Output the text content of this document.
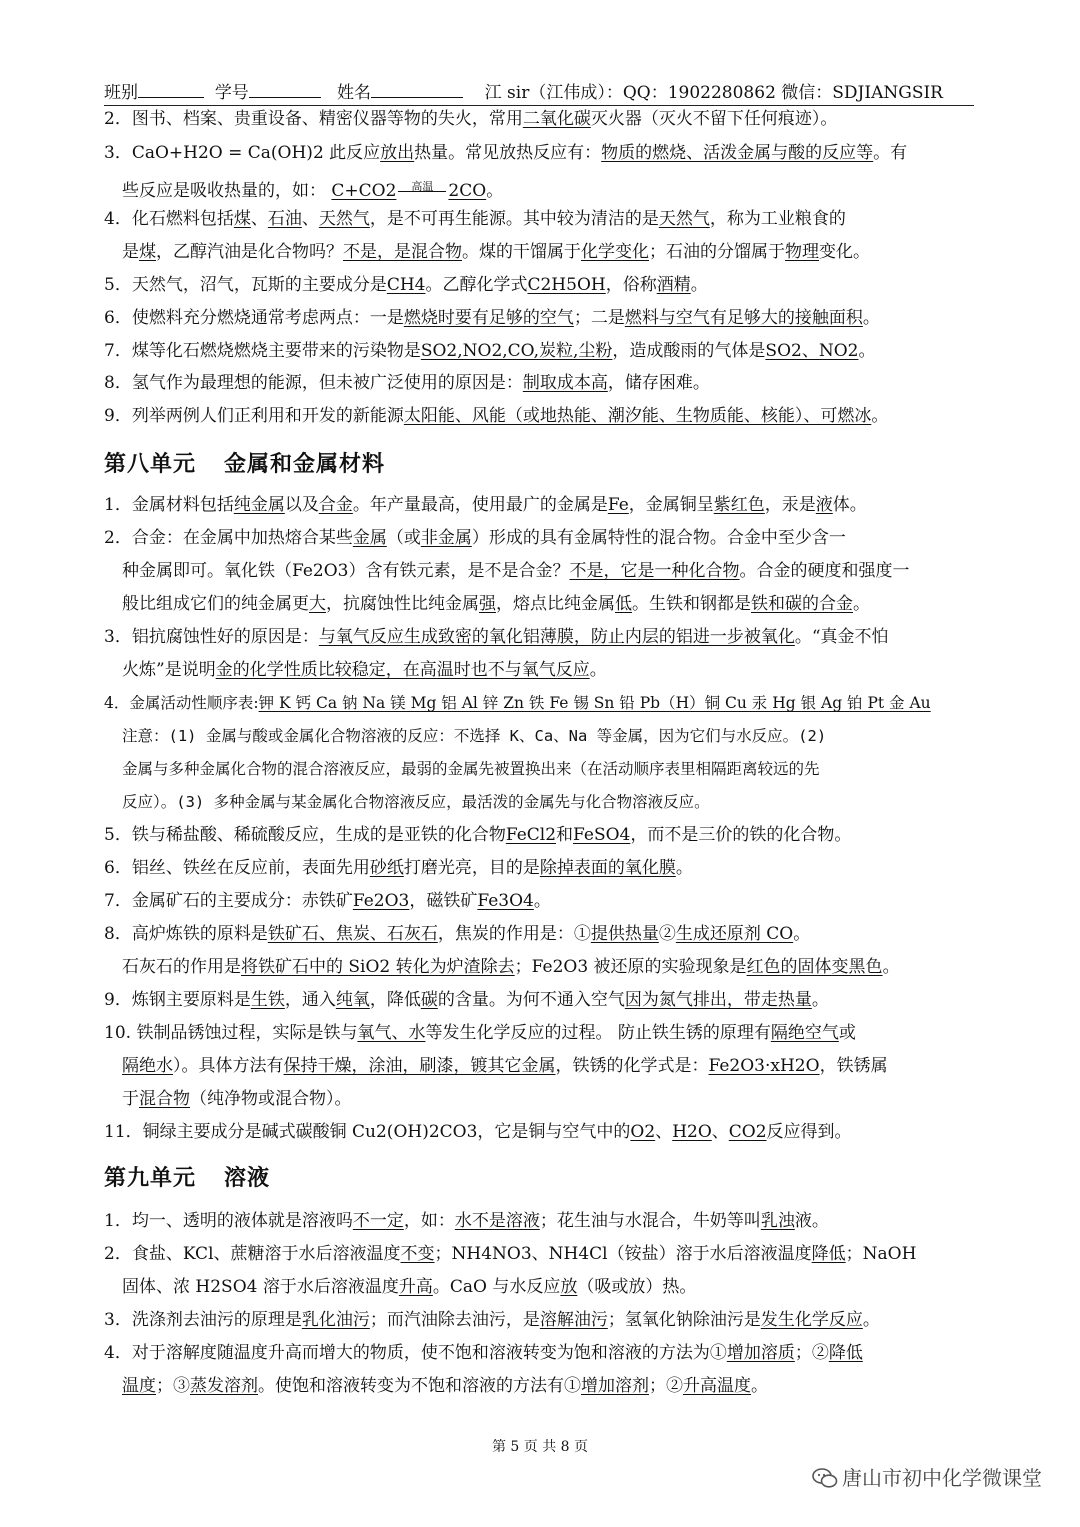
班别	学号	姓名	江 sir（江伟成）：QQ：1902280862 微信：SDJIANGSIR
2．图书、档案、贵重设备、精密仪器等物的失火，常用二氧化碳灭火器（灭火不留下任何痕迹）。
3．CaO+H2O = Ca(OH)2 此反应放出热量。常见放热反应有：物质的燃烧、活泼金属与酸的反应等。有
些反应是吸收热量的，如： C+CO2 高温 2CO。
4．化石燃料包括煤、石油、天然气，是不可再生能源。其中较为清洁的是天然气，称为工业粮食的
是煤，乙醇汽油是化合物吗？不是，是混合物。煤的干馏属于化学变化；石油的分馏属于物理变化。
5．天然气，沼气，瓦斯的主要成分是CH4。乙醇化学式C2H5OH，俗称酒精。
6．使燃料充分燃烧通常考虑两点：一是燃烧时要有足够的空气；二是燃料与空气有足够大的接触面积。
7．煤等化石燃烧燃烧主要带来的污染物是SO2,NO2,CO,炭粒,尘粉，造成酸雨的气体是SO2、NO2。
8．氢气作为最理想的能源，但未被广泛使用的原因是：制取成本高，储存困难。
9．列举两例人们正利用和开发的新能源太阳能、风能（或地热能、潮汐能、生物质能、核能）、可燃冰。
第八单元 金属和金属材料
1．金属材料包括纯金属以及合金。年产量最高，使用最广的金属是Fe，金属铜呈紫红色，汞是液体。
2．合金：在金属中加热熔合某些金属（或非金属）形成的具有金属特性的混合物。合金中至少含一
种金属即可。氧化铁（Fe2O3）含有铁元素，是不是合金？不是，它是一种化合物。合金的硬度和强度一
般比组成它们的纯金属更大，抗腐蚀性比纯金属强，熔点比纯金属低。生铁和钢都是铁和碳的合金。
3．铝抗腐蚀性好的原因是：与氧气反应生成致密的氧化铝薄膜，防止内层的铝进一步被氧化。“真金不怕
火炼”是说明金的化学性质比较稳定，在高温时也不与氧气反应。
4．金属活动性顺序表:钾 K 钙 Ca 钠 Na 镁 Mg 铝 Al 锌 Zn 铁 Fe 锡 Sn 铅 Pb（H）铜 Cu 汞 Hg 银 Ag 铂 Pt 金 Au
注意：(1) 金属与酸或金属化合物溶液的反应：不选择 K、Ca、Na 等金属，因为它们与水反应。(2)
金属与多种金属化合物的混合溶液反应，最弱的金属先被置换出来（在活动顺序表里相隔距离较远的先
反应）。(3) 多种金属与某金属化合物溶液反应，最活泼的金属先与化合物溶液反应。
5．铁与稀盐酸、稀硫酸反应，生成的是亚铁的化合物FeCl2和FeSO4，而不是三价的铁的化合物。
6．铝丝、铁丝在反应前，表面先用砂纸打磨光亮，目的是除掉表面的氧化膜。
7．金属矿石的主要成分：赤铁矿Fe2O3，磁铁矿Fe3O4。
8．高炉炼铁的原料是铁矿石、焦炭、石灰石，焦炭的作用是：①提供热量②生成还原剂 CO。
石灰石的作用是将铁矿石中的 SiO2 转化为炉渣除去；Fe2O3 被还原的实验现象是红色的固体变黑色。
9．炼钢主要原料是生铁，通入纯氧，降低碳的含量。为何不通入空气因为氮气排出，带走热量。
10. 铁制品锈蚀过程，实际是铁与氧气、水等发生化学反应的过程。 防止铁生锈的原理有隔绝空气或
隔绝水）。具体方法有保持干燥，涂油，刷漆，镀其它金属，铁锈的化学式是：Fe2O3·xH2O，铁锈属
于混合物（纯净物或混合物）。
11．铜绿主要成分是碱式碳酸铜 Cu2(OH)2CO3，它是铜与空气中的O2、H2O、CO2反应得到。
第九单元 溶液
1．均一、透明的液体就是溶液吗不一定，如：水不是溶液；花生油与水混合，牛奶等叫乳浊液。
2．食盐、KCl、蔗糖溶于水后溶液温度不变；NH4NO3、NH4Cl（铵盐）溶于水后溶液温度降低；NaOH
固体、浓 H2SO4 溶于水后溶液温度升高。CaO 与水反应放（吸或放）热。
3．洗涤剂去油污的原理是乳化油污；而汽油除去油污，是溶解油污；氢氧化钠除油污是发生化学反应。
4．对于溶解度随温度升高而增大的物质，使不饱和溶液转变为饱和溶液的方法为①增加溶质；②降低
温度；③蒸发溶剂。使饱和溶液转变为不饱和溶液的方法有①增加溶剂；②升高温度。
第 5 页 共 8 页
唐山市初中化学微课堂
